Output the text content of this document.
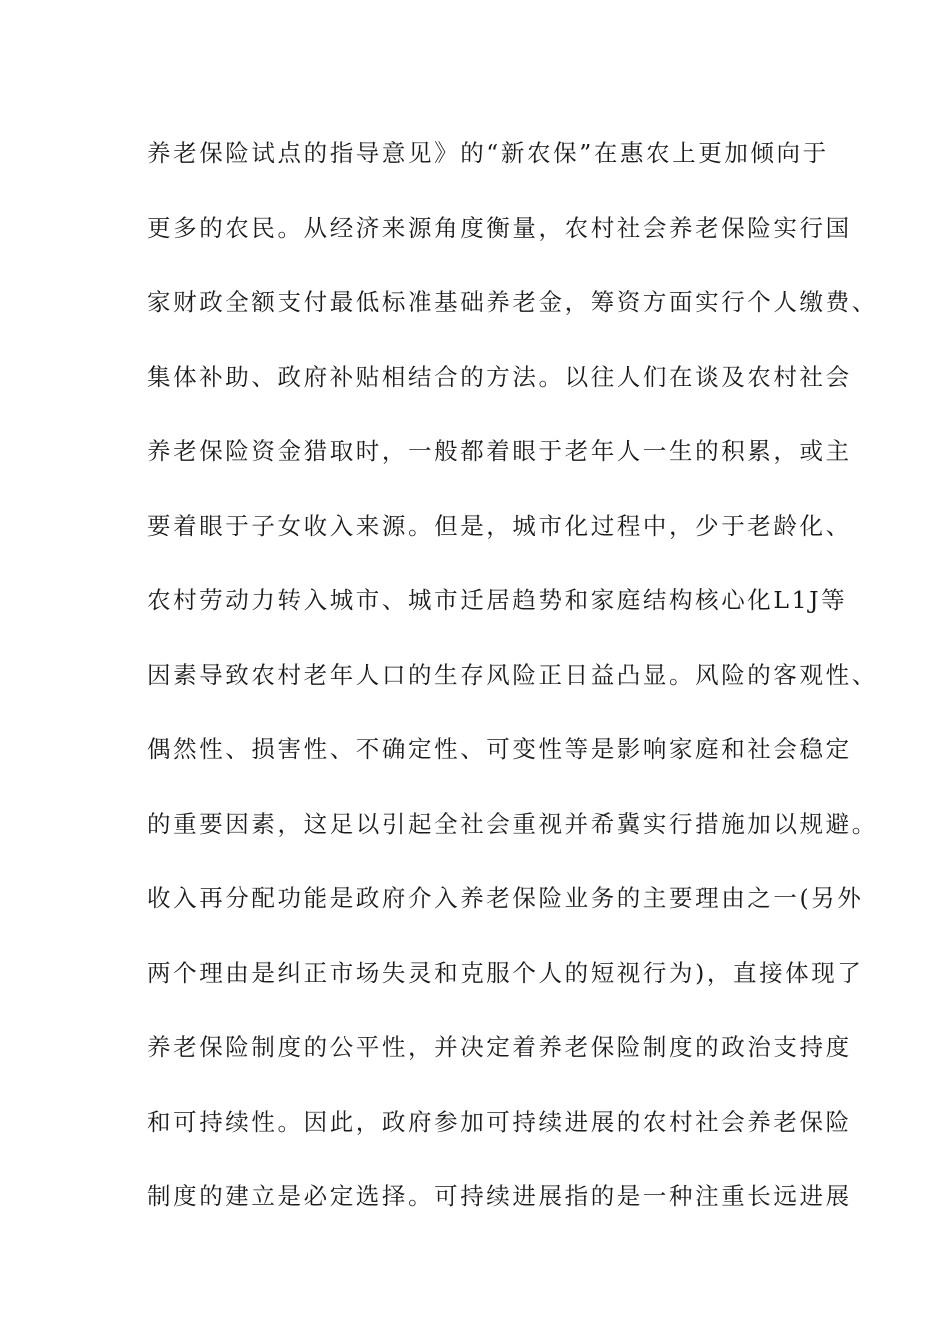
养老保险试点的指导意见》的“新农保”在惠农上更加倾向于
更多的农民。从经济来源角度衡量，农村社会养老保险实行国
家财政全额支付最低标准基础养老金，筹资方面实行个人缴费、
集体补助、政府补贴相结合的方法。以往人们在谈及农村社会
养老保险资金猎取时，一般都着眼于老年人一生的积累，或主
要着眼于子女收入来源。但是，城市化过程中，少于老龄化、
农村劳动力转入城市、城市迁居趋势和家庭结构核心化L1J等
因素导致农村老年人口的生存风险正日益凸显。风险的客观性、
偶然性、损害性、不确定性、可变性等是影响家庭和社会稳定
的重要因素，这足以引起全社会重视并希冀实行措施加以规避。
收入再分配功能是政府介入养老保险业务的主要理由之一(另外
两个理由是纠正市场失灵和克服个人的短视行为)，直接体现了
养老保险制度的公平性，并决定着养老保险制度的政治支持度
和可持续性。因此，政府参加可持续进展的农村社会养老保险
制度的建立是必定选择。可持续进展指的是一种注重长远进展
